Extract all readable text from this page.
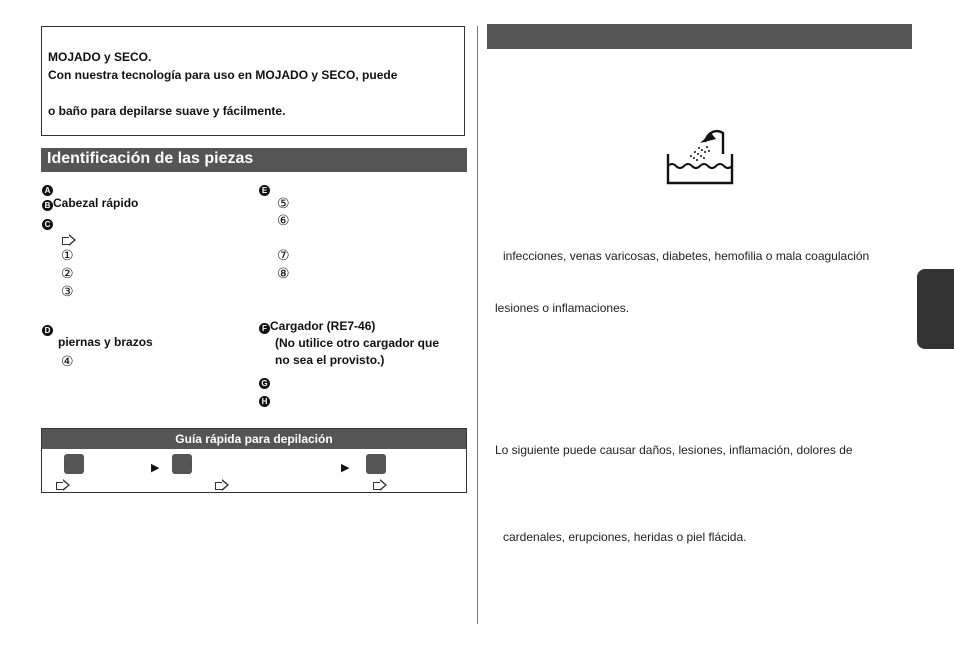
MOJADO y SECO.
Con nuestra tecnología para uso en MOJADO y SECO, puede
o baño para depilarse suave y fácilmente.
Identificación de las piezas
A
B Cabezal rápido
C
①
②
③
D
piernas y brazos
④
E
⑤
⑥
⑦
⑧
F Cargador (RE7-46)
(No utilice otro cargador que
no sea el provisto.)
G
H
Guía rápida para depilación
▶	▶
infecciones, venas varicosas, diabetes, hemofilia o mala coagulación
lesiones o inflamaciones.
Lo siguiente puede causar daños, lesiones, inflamación, dolores de
cardenales, erupciones, heridas o piel flácida.
